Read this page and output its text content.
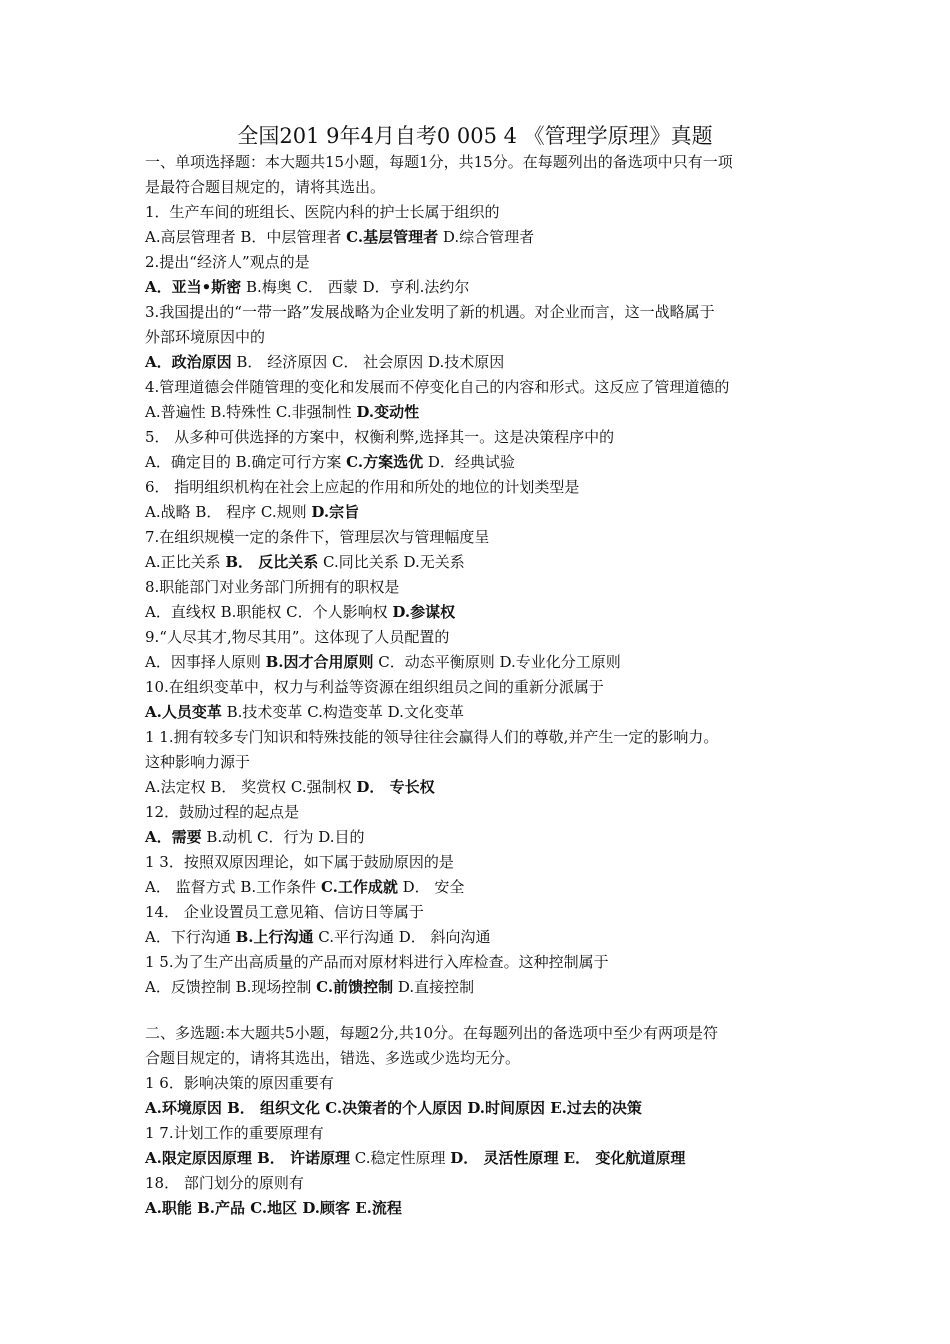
全国201 9年4月自考0 005 4 《管理学原理》真题
一、单项选择题：本大题共15小题，每题1分，共15分。在每题列出的备选项中只有一项
是最符合题目规定的，请将其选出。
1．生产车间的班组长、医院内科的护士长属于组织的
A.高层管理者 B．中层管理者 C.基层管理者 D.综合管理者
2.提出“经济人”观点的是
A．亚当•斯密 B.梅奥 C． 西蒙 D．亨利.法约尔
3.我国提出的“一带一路”发展战略为企业发明了新的机遇。对企业而言，这一战略属于
外部环境原因中的
A．政治原因 B． 经济原因 C． 社会原因 D.技术原因
4.管理道德会伴随管理的变化和发展而不停变化自己的内容和形式。这反应了管理道德的
A.普遍性 B.特殊性 C.非强制性 D.变动性
5． 从多种可供选择的方案中，权衡利弊,选择其一。这是决策程序中的
A．确定目的 B.确定可行方案 C.方案选优 D．经典试验
6． 指明组织机构在社会上应起的作用和所处的地位的计划类型是
A.战略 B． 程序 C.规则 D.宗旨
7.在组织规模一定的条件下，管理层次与管理幅度呈
A.正比关系 B． 反比关系 C.同比关系 D.无关系
8.职能部门对业务部门所拥有的职权是
A．直线权 B.职能权 C．个人影响权 D.参谋权
9.“人尽其才,物尽其用”。这体现了人员配置的
A．因事择人原则 B.因才合用原则 C．动态平衡原则 D.专业化分工原则
10.在组织变革中，权力与利益等资源在组织组员之间的重新分派属于
A.人员变革 B.技术变革 C.构造变革 D.文化变革
1 1.拥有较多专门知识和特殊技能的领导往往会赢得人们的尊敬,并产生一定的影响力。
这种影响力源于
A.法定权 B． 奖赏权 C.强制权 D． 专长权
12．鼓励过程的起点是
A．需要 B.动机 C．行为 D.目的
1 3．按照双原因理论，如下属于鼓励原因的是
A． 监督方式 B.工作条件 C.工作成就 D． 安全
14． 企业设置员工意见箱、信访日等属于
A．下行沟通 B.上行沟通 C.平行沟通 D． 斜向沟通
1 5.为了生产出高质量的产品而对原材料进行入库检查。这种控制属于
A．反馈控制 B.现场控制 C.前馈控制 D.直接控制
二、多选题:本大题共5小题，每题2分,共10分。在每题列出的备选项中至少有两项是符
合题目规定的，请将其选出，错选、多选或少选均无分。
1 6．影响决策的原因重要有
A.环境原因 B． 组织文化 C.决策者的个人原因 D.时间原因 E.过去的决策
1 7.计划工作的重要原理有
A.限定原因原理 B． 许诺原理 C.稳定性原理 D． 灵活性原理 E． 变化航道原理
18． 部门划分的原则有
A.职能 B.产品 C.地区 D.顾客 E.流程
